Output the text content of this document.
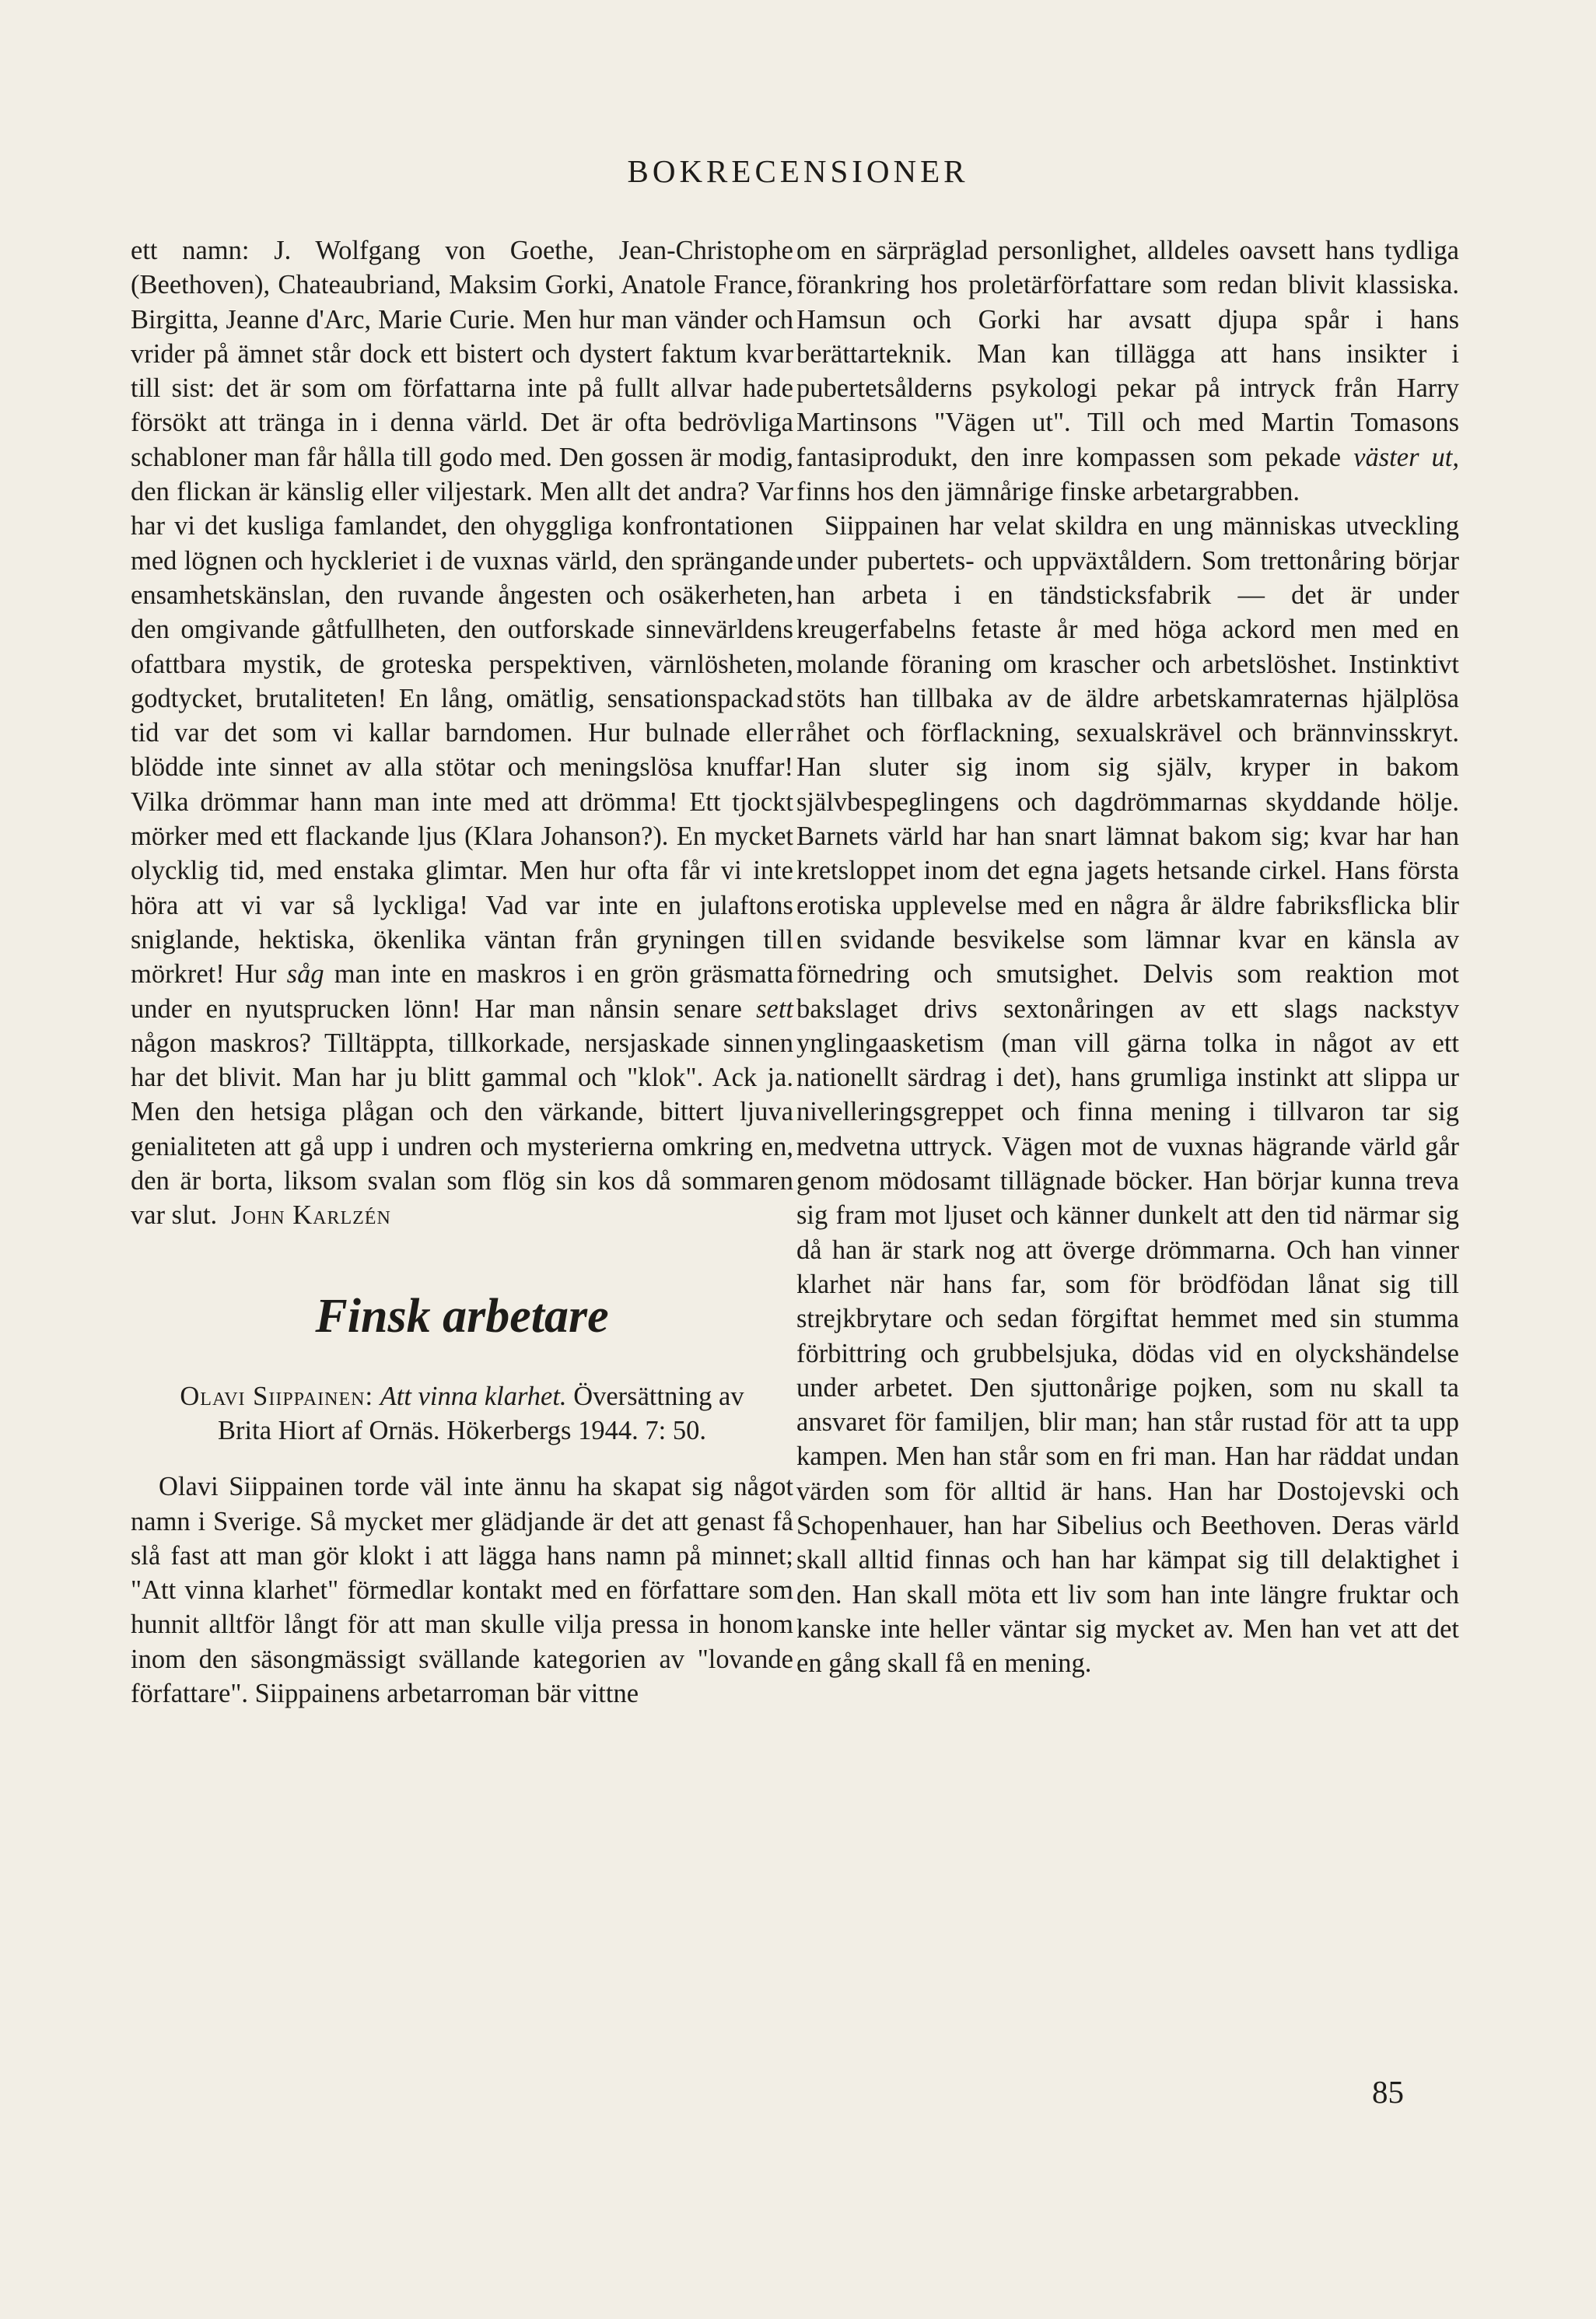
BOKRECENSIONER

ett namn: J. Wolfgang von Goethe, Jean-Christophe (Beethoven), Chateaubriand, Maksim Gorki, Anatole France, Birgitta, Jeanne d'Arc, Marie Curie. Men hur man vänder och vrider på ämnet står dock ett bistert och dystert faktum kvar till sist: det är som om författarna inte på fullt allvar hade försökt att tränga in i denna värld. Det är ofta bedrövliga schabloner man får hålla till godo med. Den gossen är modig, den flickan är känslig eller viljestark. Men allt det andra? Var har vi det kusliga famlandet, den ohyggliga konfrontationen med lögnen och hyckleriet i de vuxnas värld, den sprängande ensamhetskänslan, den ruvande ångesten och osäkerheten, den omgivande gåtfullheten, den outforskade sinnevärldens ofattbara mystik, de groteska perspektiven, värnlösheten, godtycket, brutaliteten! En lång, omätlig, sensationspackad tid var det som vi kallar barndomen. Hur bulnade eller blödde inte sinnet av alla stötar och meningslösa knuffar! Vilka drömmar hann man inte med att drömma! Ett tjockt mörker med ett flackande ljus (Klara Johanson?). En mycket olycklig tid, med enstaka glimtar. Men hur ofta får vi inte höra att vi var så lyckliga! Vad var inte en julaftons sniglande, hektiska, ökenlika väntan från gryningen till mörkret! Hur såg man inte en maskros i en grön gräsmatta under en nyutsprucken lönn! Har man nånsin senare sett någon maskros? Tilltäppta, tillkorkade, nersjaskade sinnen har det blivit. Man har ju blitt gammal och "klok". Ack ja. Men den hetsiga plågan och den värkande, bittert ljuva genialiteten att gå upp i undren och mysterierna omkring en, den är borta, liksom svalan som flög sin kos då sommaren var slut. John Karlzén

Finsk arbetare
Olavi Siippainen: Att vinna klarhet. Översättning av Brita Hiort af Ornäs. Hökerbergs 1944. 7: 50.

Olavi Siippainen torde väl inte ännu ha skapat sig något namn i Sverige. Så mycket mer glädjande är det att genast få slå fast att man gör klokt i att lägga hans namn på minnet; "Att vinna klarhet" förmedlar kontakt med en författare som hunnit alltför långt för att man skulle vilja pressa in honom inom den säsongmässigt svällande kategorien av "lovande författare". Siippainens arbetarroman bär vittne

om en särpräglad personlighet, alldeles oavsett hans tydliga förankring hos proletärförfattare som redan blivit klassiska. Hamsun och Gorki har avsatt djupa spår i hans berättarteknik. Man kan tillägga att hans insikter i pubertetsålderns psykologi pekar på intryck från Harry Martinsons "Vägen ut". Till och med Martin Tomasons fantasiprodukt, den inre kompassen som pekade väster ut, finns hos den jämnårige finske arbetargrabben.

Siippainen har velat skildra en ung människas utveckling under pubertets- och uppväxtåldern. Som trettonåring börjar han arbeta i en tändsticksfabrik — det är under kreugerfabelns fetaste år med höga ackord men med en molande föraning om krascher och arbetslöshet. Instinktivt stöts han tillbaka av de äldre arbetskamraternas hjälplösa råhet och förflackning, sexualskrävel och brännvinsskryt. Han sluter sig inom sig själv, kryper in bakom självbespeglingens och dagdrömmarnas skyddande hölje. Barnets värld har han snart lämnat bakom sig; kvar har han kretsloppet inom det egna jagets hetsande cirkel. Hans första erotiska upplevelse med en några år äldre fabriksflicka blir en svidande besvikelse som lämnar kvar en känsla av förnedring och smutsighet. Delvis som reaktion mot bakslaget drivs sextonåringen av ett slags nackstyv ynglingaasketism (man vill gärna tolka in något av ett nationellt särdrag i det), hans grumliga instinkt att slippa ur nivelleringsgreppet och finna mening i tillvaron tar sig medvetna uttryck. Vägen mot de vuxnas hägrande värld går genom mödosamt tillägnade böcker. Han börjar kunna treva sig fram mot ljuset och känner dunkelt att den tid närmar sig då han är stark nog att överge drömmarna. Och han vinner klarhet när hans far, som för brödfödan lånat sig till strejkbrytare och sedan förgiftat hemmet med sin stumma förbittring och grubbelsjuka, dödas vid en olyckshändelse under arbetet. Den sjuttonårige pojken, som nu skall ta ansvaret för familjen, blir man; han står rustad för att ta upp kampen. Men han står som en fri man. Han har räddat undan värden som för alltid är hans. Han har Dostojevski och Schopenhauer, han har Sibelius och Beethoven. Deras värld skall alltid finnas och han har kämpat sig till delaktighet i den. Han skall möta ett liv som han inte längre fruktar och kanske inte heller väntar sig mycket av. Men han vet att det en gång skall få en mening.

85
